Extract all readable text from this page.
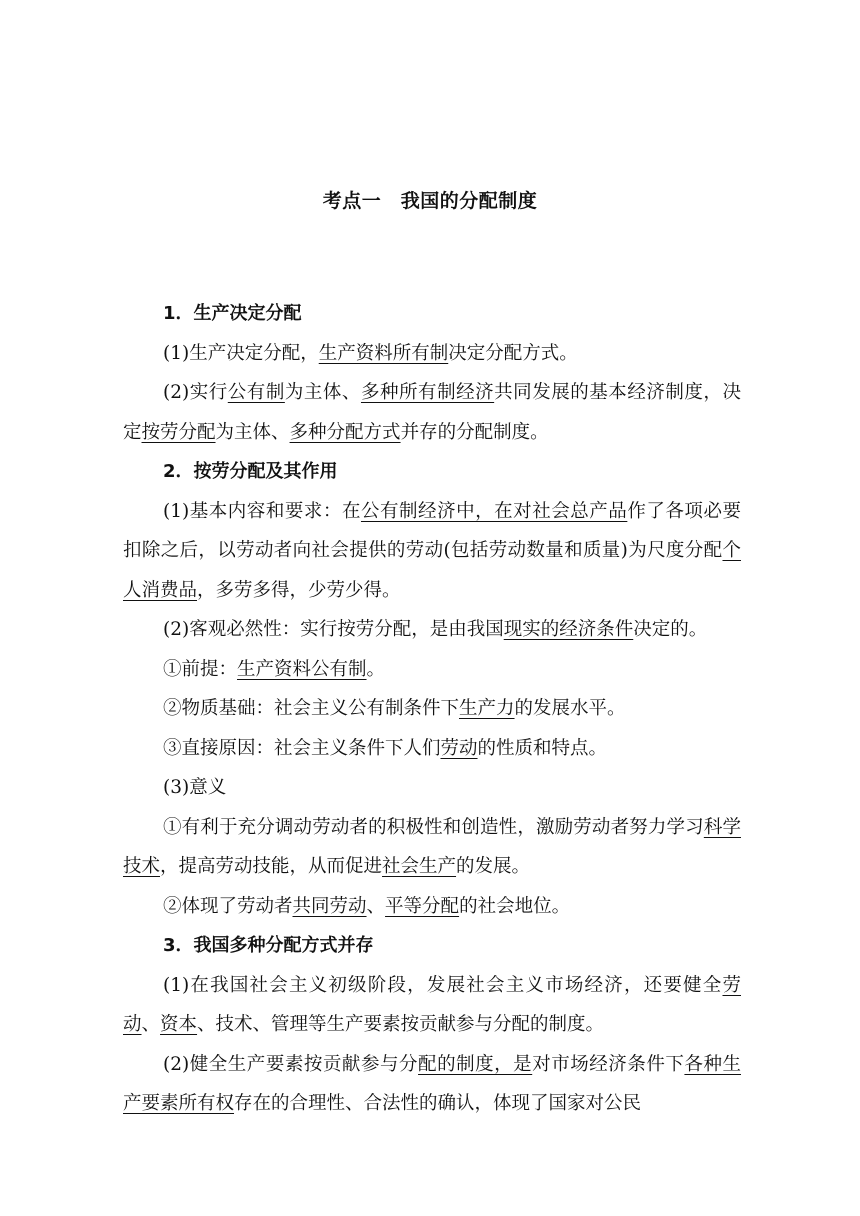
考点一　我国的分配制度

1．生产决定分配

(1)生产决定分配，生产资料所有制决定分配方式。

(2)实行公有制为主体、多种所有制经济共同发展的基本经济制度，决定按劳分配为主体、多种分配方式并存的分配制度。

2．按劳分配及其作用

(1)基本内容和要求：在公有制经济中，在对社会总产品作了各项必要扣除之后，以劳动者向社会提供的劳动(包括劳动数量和质量)为尺度分配个人消费品，多劳多得，少劳少得。

(2)客观必然性：实行按劳分配，是由我国现实的经济条件决定的。

①前提：生产资料公有制。

②物质基础：社会主义公有制条件下生产力的发展水平。

③直接原因：社会主义条件下人们劳动的性质和特点。

(3)意义

①有利于充分调动劳动者的积极性和创造性，激励劳动者努力学习科学技术，提高劳动技能，从而促进社会生产的发展。

②体现了劳动者共同劳动、平等分配的社会地位。

3．我国多种分配方式并存

(1)在我国社会主义初级阶段，发展社会主义市场经济，还要健全劳动、资本、技术、管理等生产要素按贡献参与分配的制度。

(2)健全生产要素按贡献参与分配的制度，是对市场经济条件下各种生产要素所有权存在的合理性、合法性的确认，体现了国家对公民
